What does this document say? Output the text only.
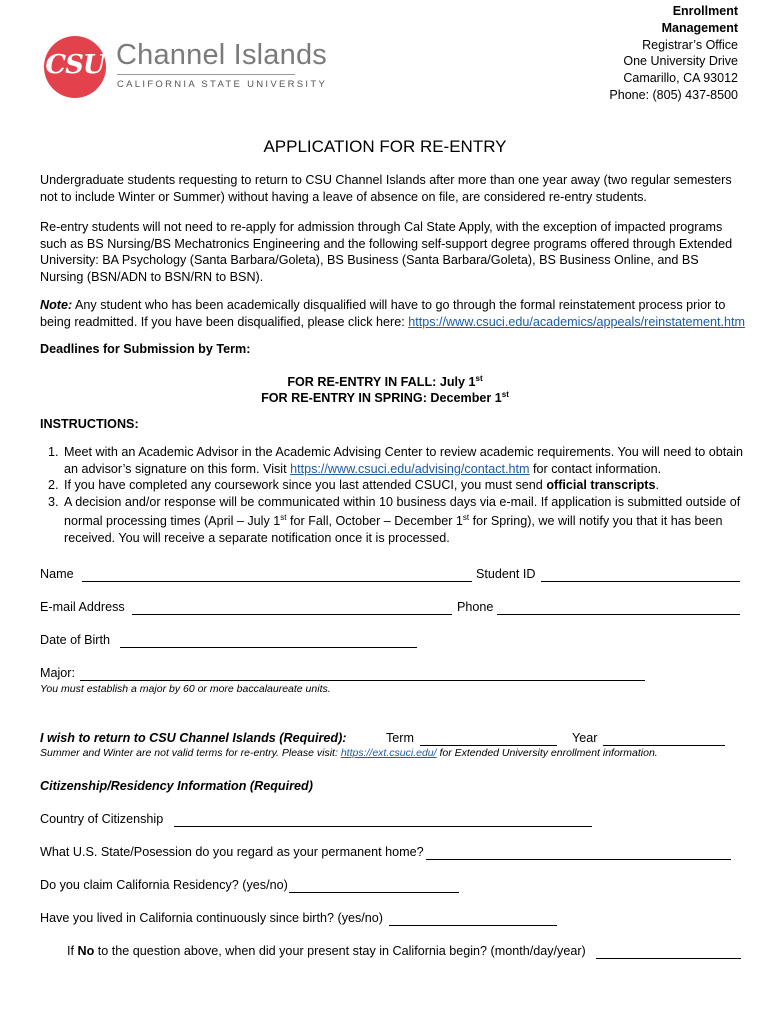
CSU Channel Islands
CALIFORNIA STATE UNIVERSITY
Enrollment
Management
Registrar’s Office
One University Drive
Camarillo, CA 93012
Phone: (805) 437-8500
APPLICATION FOR RE-ENTRY
Undergraduate students requesting to return to CSU Channel Islands after more than one year away (two regular semesters not to include Winter or Summer) without having a leave of absence on file, are considered re-entry students.
Re-entry students will not need to re-apply for admission through Cal State Apply, with the exception of impacted programs such as BS Nursing/BS Mechatronics Engineering and the following self-support degree programs offered through Extended University: BA Psychology (Santa Barbara/Goleta), BS Business (Santa Barbara/Goleta), BS Business Online, and BS Nursing (BSN/ADN to BSN/RN to BSN).
Note: Any student who has been academically disqualified will have to go through the formal reinstatement process prior to being readmitted. If you have been disqualified, please click here: https://www.csuci.edu/academics/appeals/reinstatement.htm
Deadlines for Submission by Term:
FOR RE-ENTRY IN FALL: July 1st
FOR RE-ENTRY IN SPRING: December 1st
INSTRUCTIONS:
1. Meet with an Academic Advisor in the Academic Advising Center to review academic requirements. You will need to obtain an advisor’s signature on this form. Visit https://www.csuci.edu/advising/contact.htm for contact information.
2. If you have completed any coursework since you last attended CSUCI, you must send official transcripts.
3. A decision and/or response will be communicated within 10 business days via e-mail. If application is submitted outside of normal processing times (April – July 1st for Fall, October – December 1st for Spring), we will notify you that it has been received. You will receive a separate notification once it is processed.
Name	Student ID
E-mail Address	Phone
Date of Birth
Major:
You must establish a major by 60 or more baccalaureate units.
I wish to return to CSU Channel Islands (Required):	Term	Year
Summer and Winter are not valid terms for re-entry. Please visit: https://ext.csuci.edu/ for Extended University enrollment information.
Citizenship/Residency Information (Required)
Country of Citizenship
What U.S. State/Posession do you regard as your permanent home?
Do you claim California Residency? (yes/no)
Have you lived in California continuously since birth? (yes/no)
If No to the question above, when did your present stay in California begin? (month/day/year)
